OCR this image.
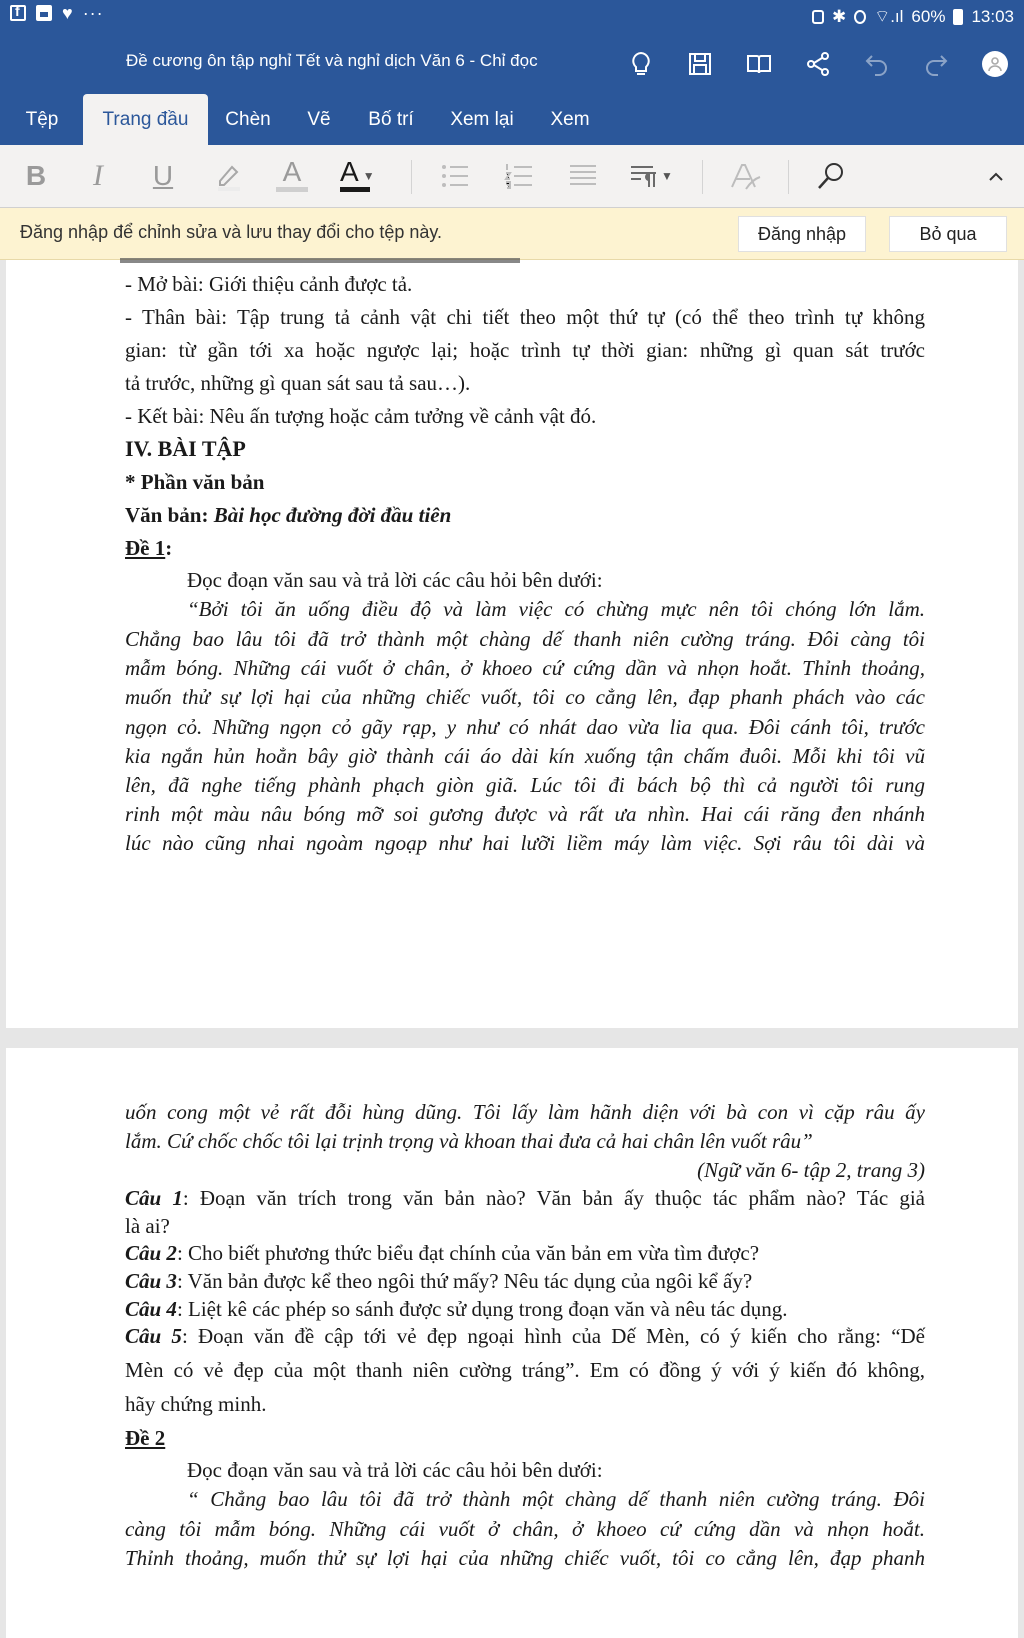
f
♥ ···	✱ ⌔.ıl 60% 13:03
Đề cương ôn tập nghỉ Tết và nghỉ dịch Văn 6 - Chỉ đọc
Tệp	Trang đầu	Chèn	Vẽ	Bố trí	Xem lại	Xem
B	I	U	A A ▼	▼
Đăng nhập để chỉnh sửa và lưu thay đổi cho tệp này.	Đăng nhập	Bỏ qua
- Mở bài: Giới thiệu cảnh được tả.
- Thân bài: Tập trung tả cảnh vật chi tiết theo một thứ tự (có thể theo trình tự không
gian: từ gần tới xa hoặc ngược lại; hoặc trình tự thời gian: những gì quan sát trước
tả trước, những gì quan sát sau tả sau…).
- Kết bài: Nêu ấn tượng hoặc cảm tưởng về cảnh vật đó.
IV. BÀI TẬP
* Phần văn bản
Văn bản: Bài học đường đời đầu tiên
Đề 1:
Đọc đoạn văn sau và trả lời các câu hỏi bên dưới:
“Bởi tôi ăn uống điều độ và làm việc có chừng mực nên tôi chóng lớn lắm.
Chẳng bao lâu tôi đã trở thành một chàng dế thanh niên cường tráng. Đôi càng tôi
mẫm bóng. Những cái vuốt ở chân, ở khoeo cứ cứng dần và nhọn hoắt. Thỉnh thoảng,
muốn thử sự lợi hại của những chiếc vuốt, tôi co cẳng lên, đạp phanh phách vào các
ngọn cỏ. Những ngọn cỏ gãy rạp, y như có nhát dao vừa lia qua. Đôi cánh tôi, trước
kia ngắn hủn hoẳn bây giờ thành cái áo dài kín xuống tận chấm đuôi. Mỗi khi tôi vũ
lên, đã nghe tiếng phành phạch giòn giã. Lúc tôi đi bách bộ thì cả người tôi rung
rinh một màu nâu bóng mỡ soi gương được và rất ưa nhìn. Hai cái răng đen nhánh
lúc nào cũng nhai ngoàm ngoạp như hai lưỡi liềm máy làm việc. Sợi râu tôi dài và
uốn cong một vẻ rất đỗi hùng dũng. Tôi lấy làm hãnh diện với bà con vì cặp râu ấy
lắm. Cứ chốc chốc tôi lại trịnh trọng và khoan thai đưa cả hai chân lên vuốt râu”
(Ngữ văn 6- tập 2, trang 3)
Câu 1: Đoạn văn trích trong văn bản nào? Văn bản ấy thuộc tác phẩm nào? Tác giả
là ai?
Câu 2: Cho biết phương thức biểu đạt chính của văn bản em vừa tìm được?
Câu 3: Văn bản được kể theo ngôi thứ mấy? Nêu tác dụng của ngôi kể ấy?
Câu 4: Liệt kê các phép so sánh được sử dụng trong đoạn văn và nêu tác dụng.
Câu 5: Đoạn văn đề cập tới vẻ đẹp ngoại hình của Dế Mèn, có ý kiến cho rằng: “Dế
Mèn có vẻ đẹp của một thanh niên cường tráng”. Em có đồng ý với ý kiến đó không,
hãy chứng minh.
Đề 2
Đọc đoạn văn sau và trả lời các câu hỏi bên dưới:
“ Chẳng bao lâu tôi đã trở thành một chàng dế thanh niên cường tráng. Đôi
càng tôi mẫm bóng. Những cái vuốt ở chân, ở khoeo cứ cứng dần và nhọn hoắt.
Thỉnh thoảng, muốn thử sự lợi hại của những chiếc vuốt, tôi co cẳng lên, đạp phanh
